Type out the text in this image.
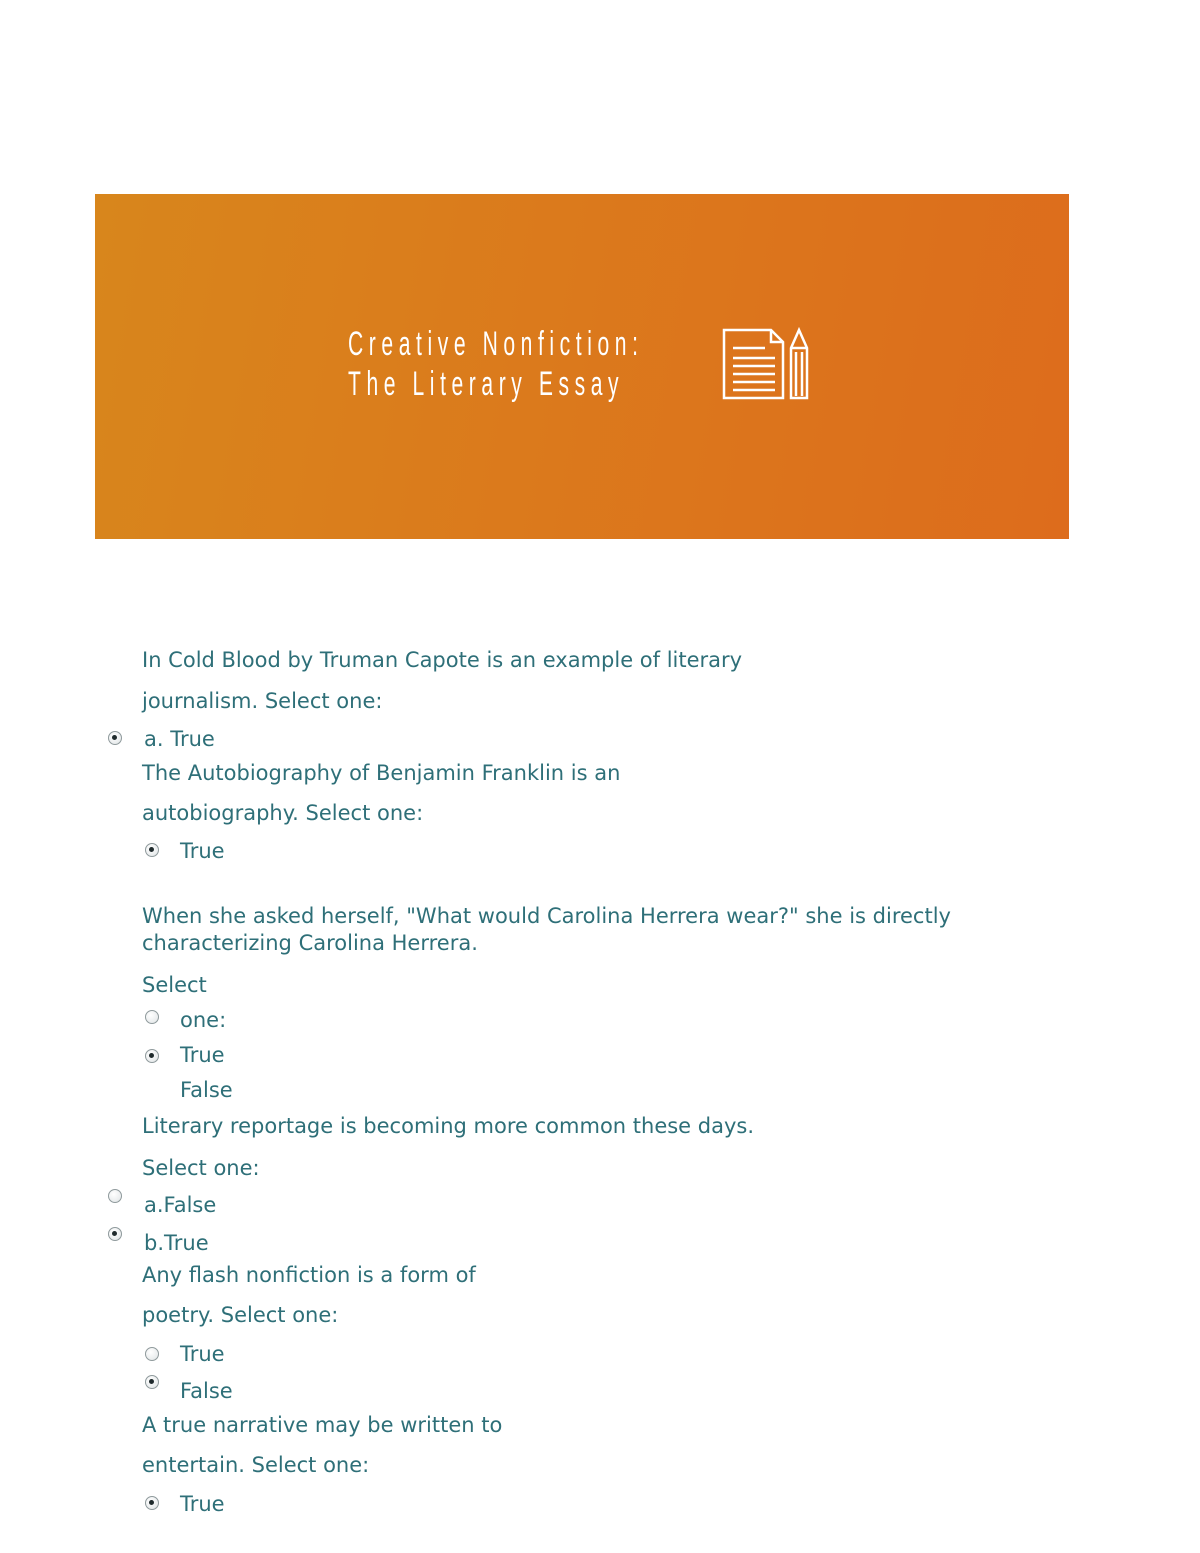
Creative Nonfiction:
The Literary Essay
In Cold Blood by Truman Capote is an example of literary
journalism. Select one:
a. True
The Autobiography of Benjamin Franklin is an
autobiography. Select one:
True
When she asked herself, "What would Carolina Herrera wear?" she is directly
characterizing Carolina Herrera.
Select
one:
True
False
Literary reportage is becoming more common these days.
Select one:
a.False
b.True
Any flash nonfiction is a form of
poetry. Select one:
True
False
A true narrative may be written to
entertain. Select one:
True
